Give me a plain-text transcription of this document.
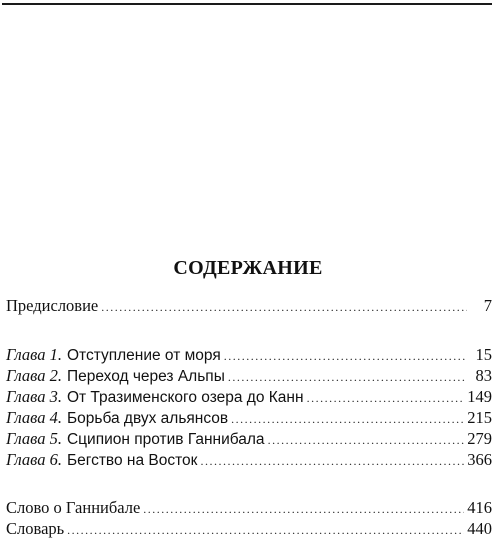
СОДЕРЖАНИЕ
Предисловие .....	7
Глава 1. Отступление от моря .....	15
Глава 2. Переход через Альпы .....	83
Глава 3. От Тразименского озера до Канн .....	149
Глава 4. Борьба двух альянсов .....	215
Глава 5. Сципион против Ганнибала .....	279
Глава 6. Бегство на Восток .....	366
Слово о Ганнибале .....	416
Словарь .....	440
